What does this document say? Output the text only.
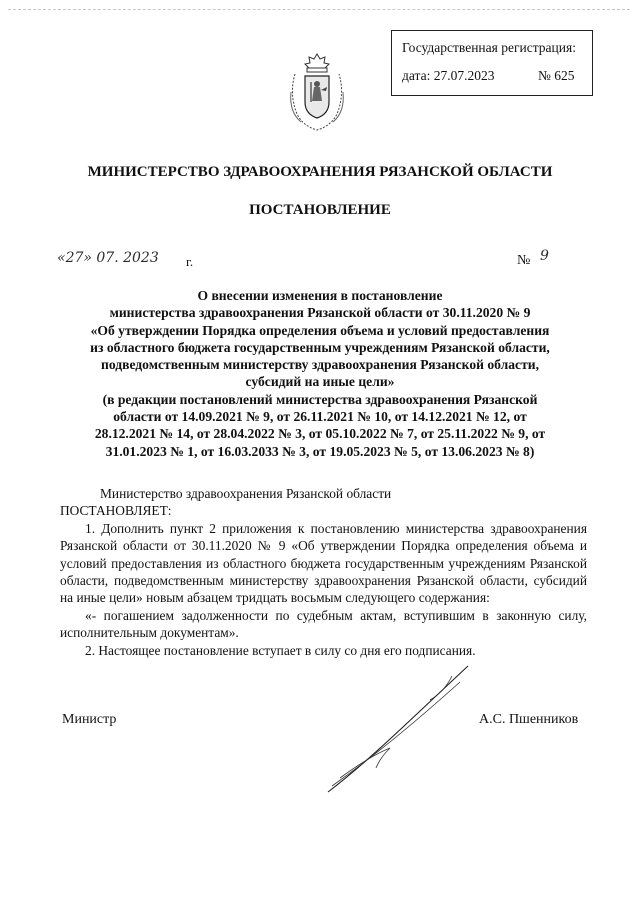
Государственная регистрация:
дата: 27.07.2023	№ 625
МИНИСТЕРСТВО ЗДРАВООХРАНЕНИЯ РЯЗАНСКОЙ ОБЛАСТИ
ПОСТАНОВЛЕНИЕ
«27» 07. 2023 г.	№ 9
О внесении изменения в постановление
министерства здравоохранения Рязанской области от 30.11.2020 № 9
«Об утверждении Порядка определения объема и условий предоставления
из областного бюджета государственным учреждениям Рязанской области,
подведомственным министерству здравоохранения Рязанской области,
субсидий на иные цели»
(в редакции постановлений министерства здравоохранения Рязанской
области от 14.09.2021 № 9, от 26.11.2021 № 10, от 14.12.2021 № 12, от
28.12.2021 № 14, от 28.04.2022 № 3, от 05.10.2022 № 7, от 25.11.2022 № 9, от
31.01.2023 № 1, от 16.03.2033 № 3, от 19.05.2023 № 5, от 13.06.2023 № 8)

Министерство здравоохранения Рязанской области

ПОСТАНОВЛЯЕТ:

1. Дополнить пункт 2 приложения к постановлению министерства здравоохранения Рязанской области от 30.11.2020 № 9 «Об утверждении Порядка определения объема и условий предоставления из областного бюджета государственным учреждениям Рязанской области, подведомственным министерству здравоохранения Рязанской области, субсидий на иные цели» новым абзацем тридцать восьмым следующего содержания:

«- погашением задолженности по судебным актам, вступившим в законную силу, исполнительным документам».

2. Настоящее постановление вступает в силу со дня его подписания.

Министр	А.С. Пшенников
